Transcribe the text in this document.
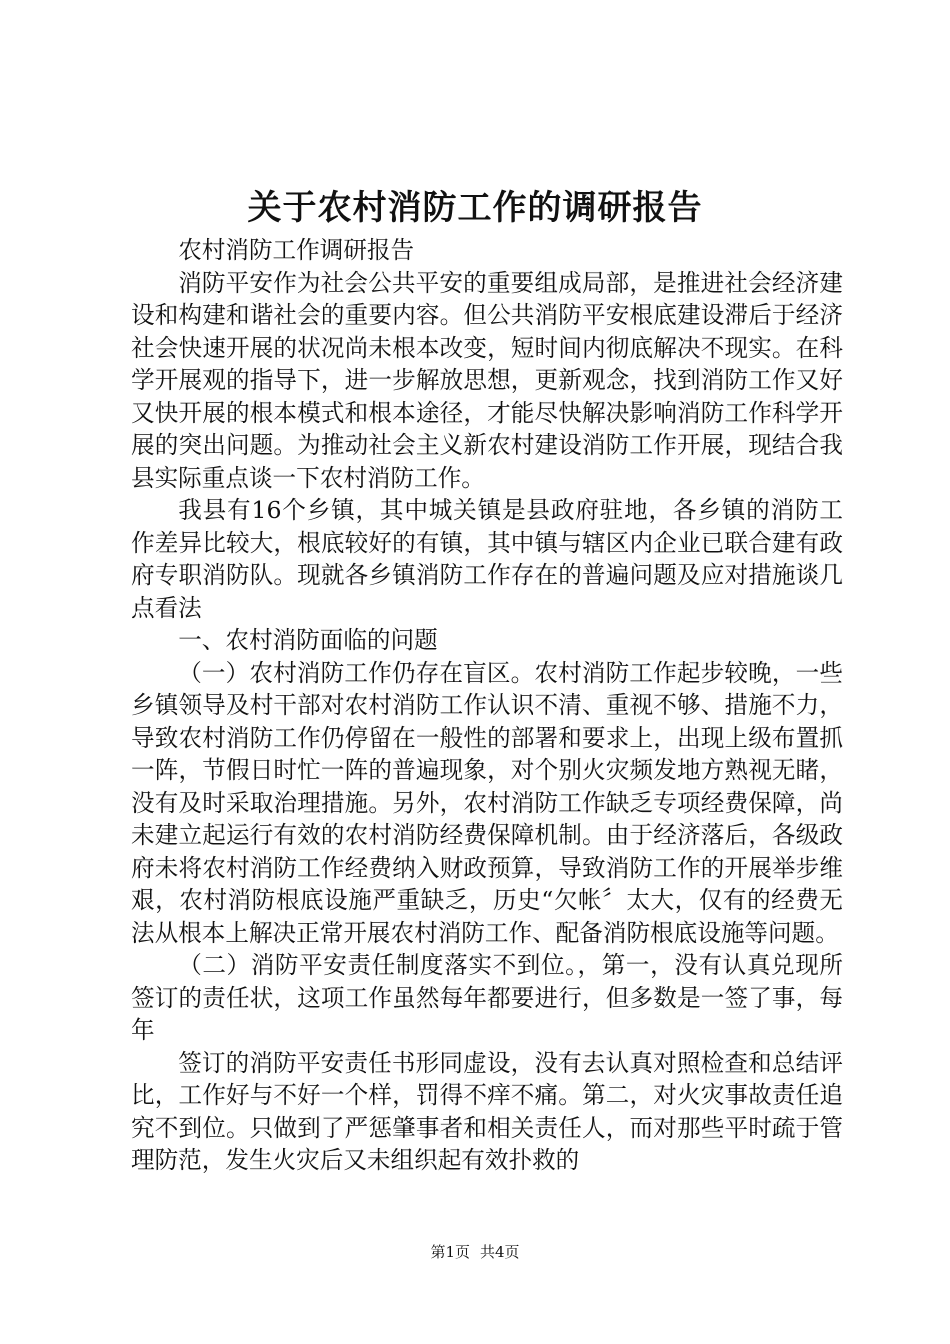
关于农村消防工作的调研报告

农村消防工作调研报告

消防平安作为社会公共平安的重要组成局部，是推进社会经济建设和构建和谐社会的重要内容。但公共消防平安根底建设滞后于经济社会快速开展的状况尚未根本改变，短时间内彻底解决不现实。在科学开展观的指导下，进一步解放思想，更新观念，找到消防工作又好又快开展的根本模式和根本途径，才能尽快解决影响消防工作科学开展的突出问题。为推动社会主义新农村建设消防工作开展，现结合我县实际重点谈一下农村消防工作。

我县有16个乡镇，其中城关镇是县政府驻地，各乡镇的消防工作差异比较大，根底较好的有镇，其中镇与辖区内企业已联合建有政府专职消防队。现就各乡镇消防工作存在的普遍问题及应对措施谈几点看法

一、农村消防面临的问题

（一）农村消防工作仍存在盲区。农村消防工作起步较晚，一些乡镇领导及村干部对农村消防工作认识不清、重视不够、措施不力，导致农村消防工作仍停留在一般性的部署和要求上，出现上级布置抓一阵，节假日时忙一阵的普遍现象，对个别火灾频发地方熟视无睹，没有及时采取治理措施。另外，农村消防工作缺乏专项经费保障，尚未建立起运行有效的农村消防经费保障机制。由于经济落后，各级政府未将农村消防工作经费纳入财政预算，导致消防工作的开展举步维艰，农村消防根底设施严重缺乏，历史“欠帐〞太大，仅有的经费无法从根本上解决正常开展农村消防工作、配备消防根底设施等问题。

（二）消防平安责任制度落实不到位。，第一，没有认真兑现所签订的责任状，这项工作虽然每年都要进行，但多数是一签了事，每年

签订的消防平安责任书形同虚设，没有去认真对照检查和总结评比，工作好与不好一个样，罚得不痒不痛。第二，对火灾事故责任追究不到位。只做到了严惩肇事者和相关责任人，而对那些平时疏于管理防范，发生火灾后又未组织起有效扑救的

第1页 共4页
